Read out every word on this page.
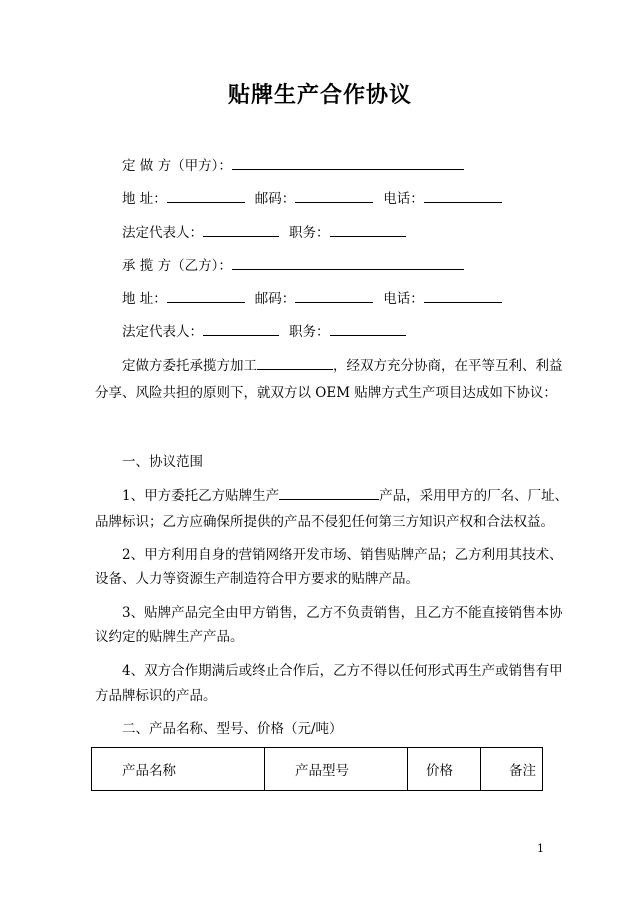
贴牌生产合作协议
定 做 方（甲方）：
地 址：	邮码：	电话：
法定代表人：	职务：
承 揽 方（乙方）：
地 址：	邮码：	电话：
法定代表人：	职务：
定做方委托承揽方加工	，经双方充分协商，在平等互利、利益
分享、风险共担的原则下，就双方以 OEM 贴牌方式生产项目达成如下协议：
一、协议范围
1、甲方委托乙方贴牌生产	产品，采用甲方的厂名、厂址、
品牌标识；乙方应确保所提供的产品不侵犯任何第三方知识产权和合法权益。
2、甲方利用自身的营销网络开发市场、销售贴牌产品；乙方利用其技术、
设备、人力等资源生产制造符合甲方要求的贴牌产品。
3、贴牌产品完全由甲方销售，乙方不负责销售，且乙方不能直接销售本协
议约定的贴牌生产产品。
4、双方合作期满后或终止合作后，乙方不得以任何形式再生产或销售有甲
方品牌标识的产品。
二、产品名称、型号、价格（元/吨）
产品名称	产品型号	价格	备注
1
